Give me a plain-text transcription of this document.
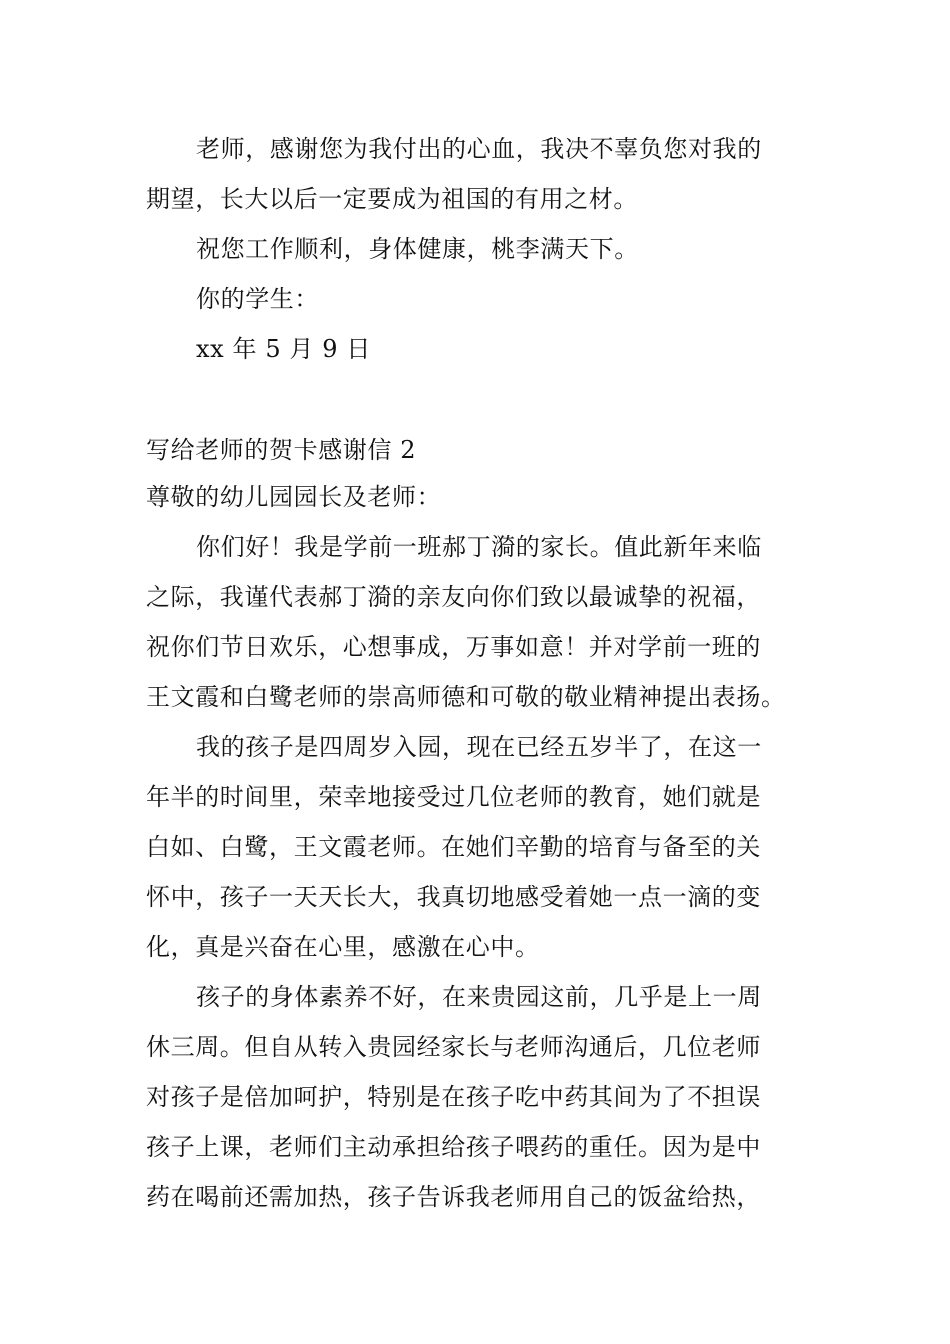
老师，感谢您为我付出的心血，我决不辜负您对我的

期望，长大以后一定要成为祖国的有用之材。

祝您工作顺利，身体健康，桃李满天下。

你的学生：

xx 年 5 月 9 日

写给老师的贺卡感谢信 2

尊敬的幼儿园园长及老师：

你们好！我是学前一班郝丁漪的家长。值此新年来临

之际，我谨代表郝丁漪的亲友向你们致以最诚挚的祝福，

祝你们节日欢乐，心想事成，万事如意！并对学前一班的

王文霞和白鹭老师的崇高师德和可敬的敬业精神提出表扬。

我的孩子是四周岁入园，现在已经五岁半了，在这一

年半的时间里，荣幸地接受过几位老师的教育，她们就是

白如、白鹭，王文霞老师。在她们辛勤的培育与备至的关

怀中，孩子一天天长大，我真切地感受着她一点一滴的变

化，真是兴奋在心里，感激在心中。

孩子的身体素养不好，在来贵园这前，几乎是上一周

休三周。但自从转入贵园经家长与老师沟通后，几位老师

对孩子是倍加呵护，特别是在孩子吃中药其间为了不担误

孩子上课，老师们主动承担给孩子喂药的重任。因为是中

药在喝前还需加热，孩子告诉我老师用自己的饭盆给热，
